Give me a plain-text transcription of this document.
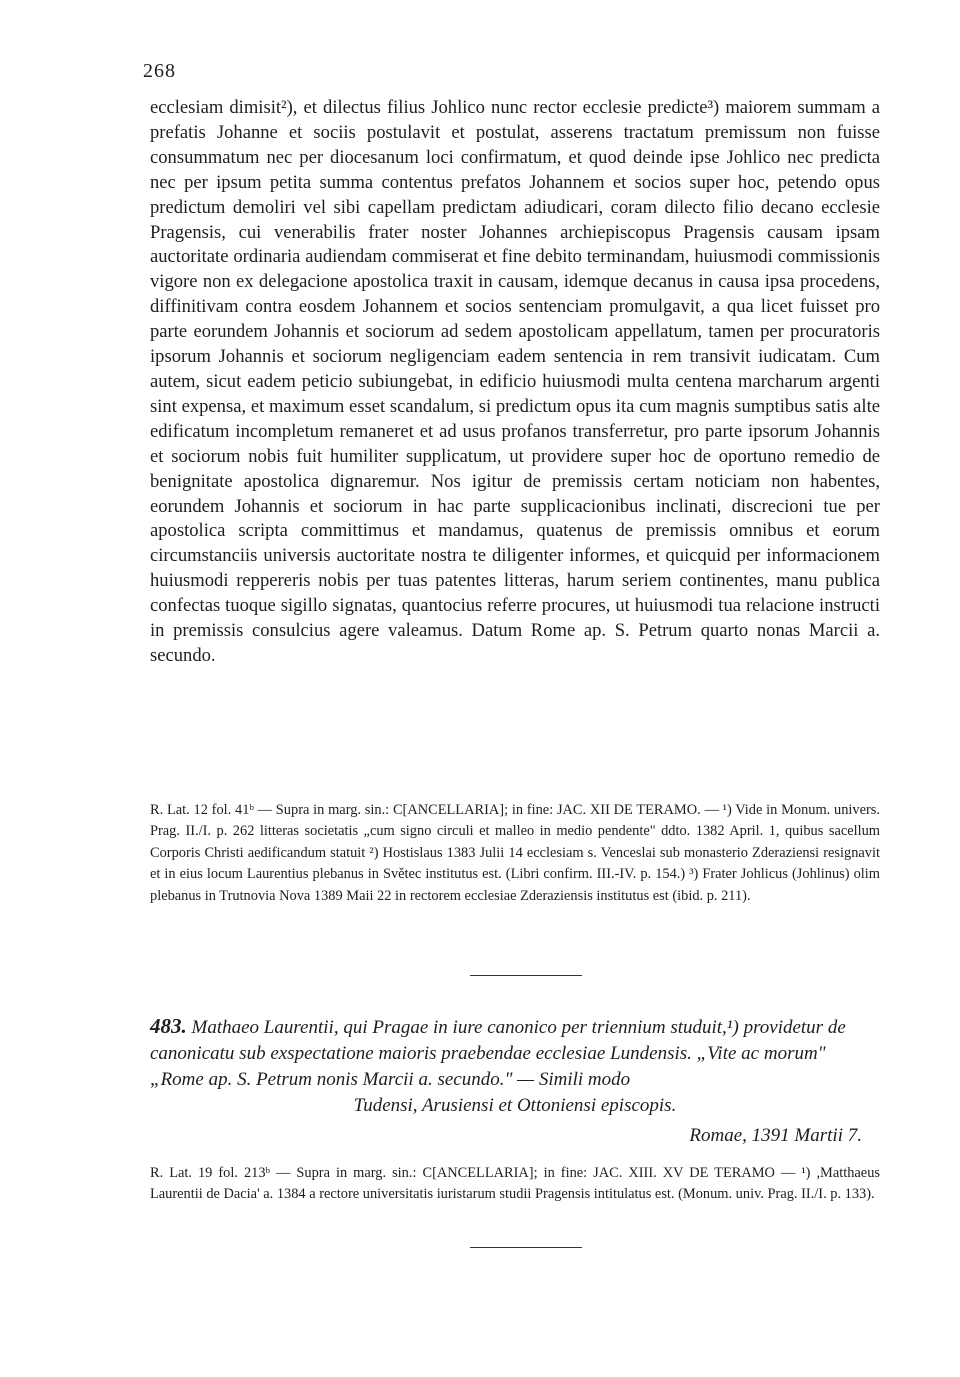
268
ecclesiam dimisit²), et dilectus filius Johlico nunc rector ecclesie predicte³) maiorem summam a prefatis Johanne et sociis postulavit et postulat, asserens tractatum premissum non fuisse consummatum nec per diocesanum loci confirmatum, et quod deinde ipse Johlico nec predicta nec per ipsum petita summa contentus prefatos Johannem et socios super hoc, petendo opus predictum demoliri vel sibi capellam predictam adiudicari, coram dilecto filio decano ecclesie Pragensis, cui venerabilis frater noster Johannes archiepiscopus Pragensis causam ipsam auctoritate ordinaria audiendam commiserat et fine debito terminandam, huiusmodi commissionis vigore non ex delegacione apostolica traxit in causam, idemque decanus in causa ipsa procedens, diffinitivam contra eosdem Johannem et socios sentenciam promulgavit, a qua licet fuisset pro parte eorundem Johannis et sociorum ad sedem apostolicam appellatum, tamen per procuratoris ipsorum Johannis et sociorum negligenciam eadem sentencia in rem transivit iudicatam. Cum autem, sicut eadem peticio subiungebat, in edificio huiusmodi multa centena marcharum argenti sint expensa, et maximum esset scandalum, si predictum opus ita cum magnis sumptibus satis alte edificatum incompletum remaneret et ad usus profanos transferretur, pro parte ipsorum Johannis et sociorum nobis fuit humiliter supplicatum, ut providere super hoc de oportuno remedio de benignitate apostolica dignaremur. Nos igitur de premissis certam noticiam non habentes, eorundem Johannis et sociorum in hac parte supplicacionibus inclinati, discrecioni tue per apostolica scripta committimus et mandamus, quatenus de premissis omnibus et eorum circumstanciis universis auctoritate nostra te diligenter informes, et quicquid per informacionem huiusmodi reppereris nobis per tuas patentes litteras, harum seriem continentes, manu publica confectas tuoque sigillo signatas, quantocius referre procures, ut huiusmodi tua relacione instructi in premissis consulcius agere valeamus. Datum Rome ap. S. Petrum quarto nonas Marcii a. secundo.
R. Lat. 12 fol. 41ᵇ — Supra in marg. sin.: C[ANCELLARIA]; in fine: JAC. XII DE TERAMO. — ¹) Vide in Monum. univers. Prag. II./I. p. 262 litteras societatis „cum signo circuli et malleo in medio pendente" ddto. 1382 April. 1, quibus sacellum Corporis Christi aedificandum statuit ²) Hostislaus 1383 Julii 14 ecclesiam s. Venceslai sub monasterio Zderaziensi resignavit et in eius locum Laurentius plebanus in Světec institutus est. (Libri confirm. III.-IV. p. 154.) ³) Frater Johlicus (Johlinus) olim plebanus in Trutnovia Nova 1389 Maii 22 in rectorem ecclesiae Zderaziensis institutus est (ibid. p. 211).
483. Mathaeo Laurentii, qui Pragae in iure canonico per triennium studuit,¹) providetur de canonicatu sub exspectatione maioris praebendae ecclesiae Lundensis. „Vite ac morum" „Rome ap. S. Petrum nonis Marcii a. secundo." — Simili modo
Tudensi, Arusiensi et Ottoniensi episcopis.
Romae, 1391 Martii 7.
R. Lat. 19 fol. 213ᵇ — Supra in marg. sin.: C[ANCELLARIA]; in fine: JAC. XIII. XV DE TERAMO — ¹) ,Matthaeus Laurentii de Dacia' a. 1384 a rectore universitatis iuristarum studii Pragensis intitulatus est. (Monum. univ. Prag. II./I. p. 133).
